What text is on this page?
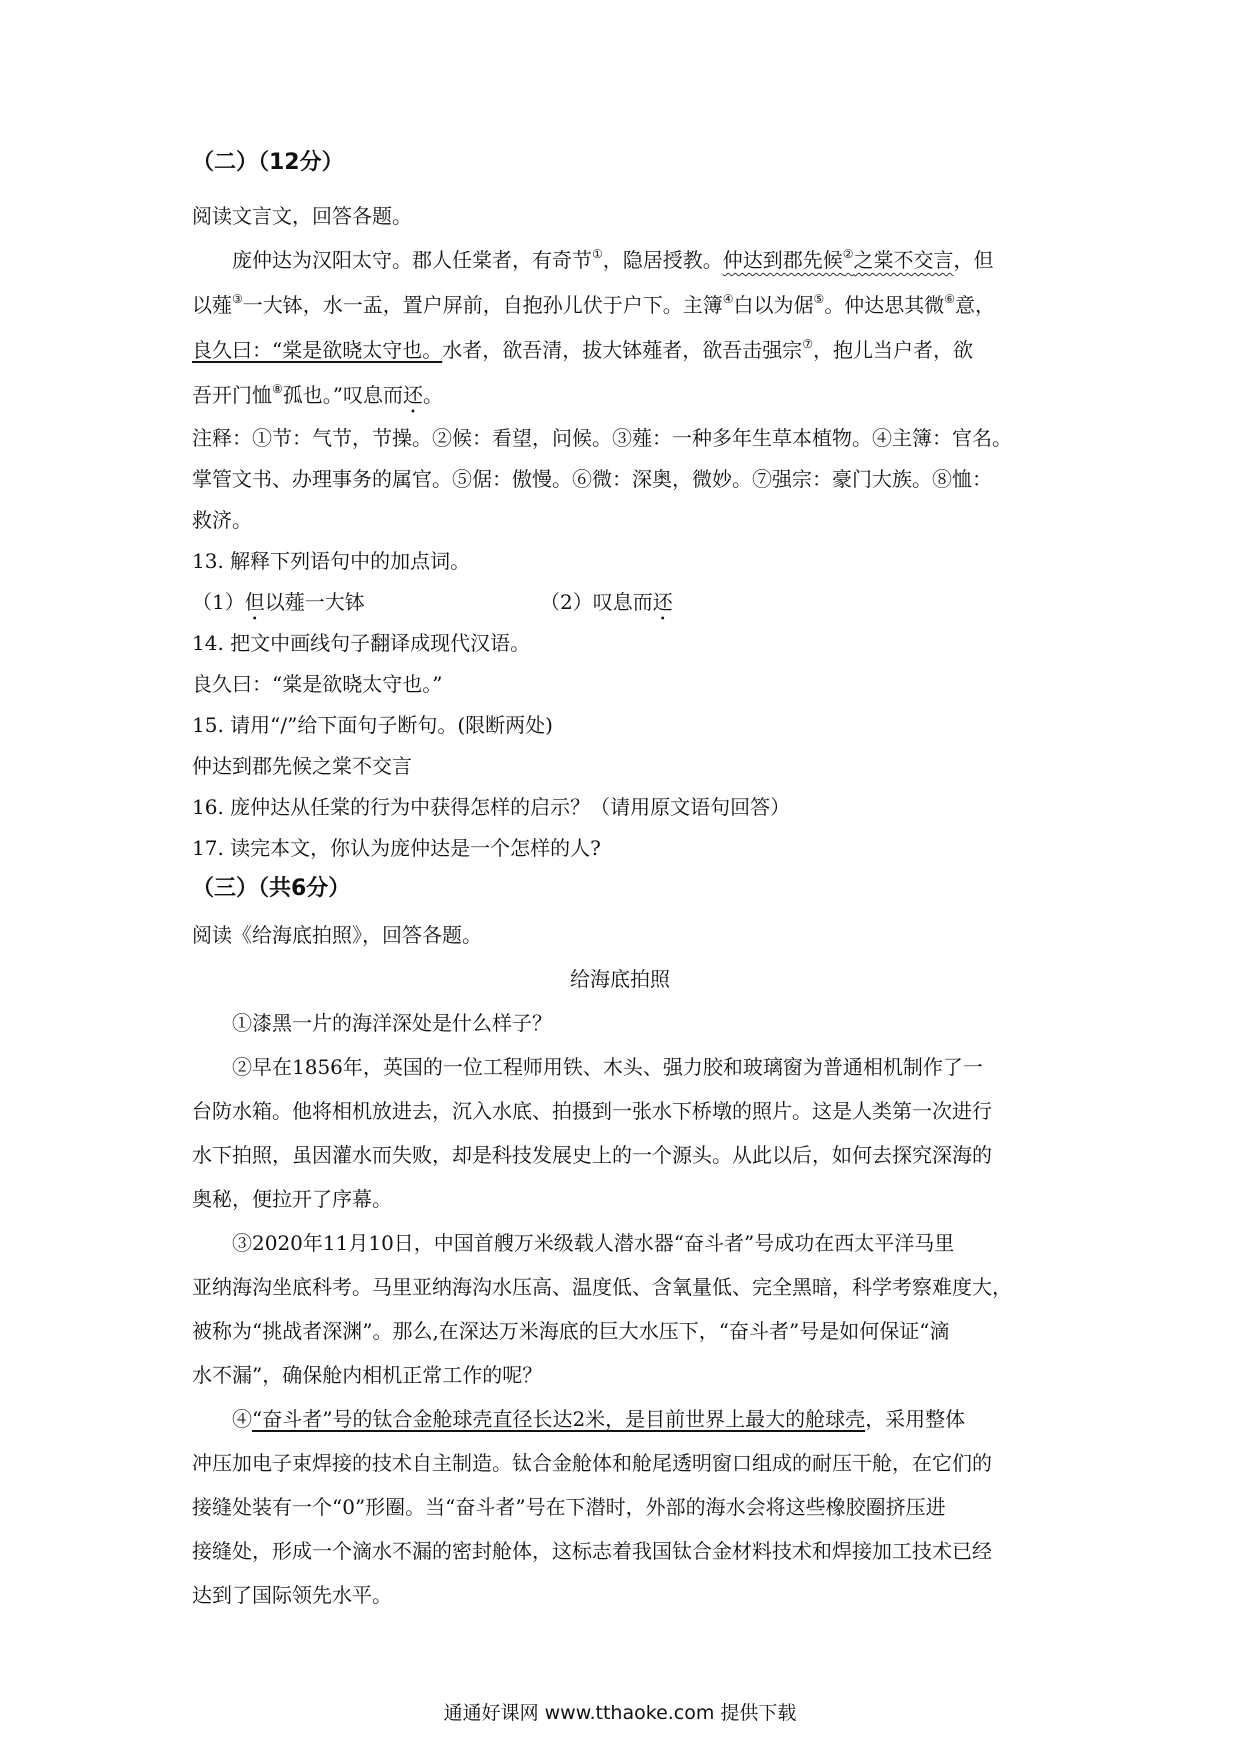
（二）（12分）
阅读文言文，回答各题。
庞仲达为汉阳太守。郡人任棠者，有奇节①，隐居授教。仲达到郡先候②之棠不交言，但
以薤③一大钵，水一盂，置户屏前，自抱孙儿伏于户下。主簿④白以为倨⑤。仲达思其微⑥意，
良久曰：“棠是欲晓太守也。水者，欲吾清，拔大钵薤者，欲吾击强宗⑦，抱儿当户者，欲
吾开门恤⑧孤也。”叹息而还。
注释：①节：气节，节操。②候：看望，问候。③薤：一种多年生草本植物。④主簿：官名。
掌管文书、办理事务的属官。⑤倨：傲慢。⑥微：深奥，微妙。⑦强宗：豪门大族。⑧恤：
救济。
13. 解释下列语句中的加点词。
（1）但以薤一大钵	（2）叹息而还
14. 把文中画线句子翻译成现代汉语。
良久曰：“棠是欲晓太守也。”
15. 请用“/”给下面句子断句。(限断两处)
仲达到郡先候之棠不交言
16. 庞仲达从任棠的行为中获得怎样的启示？（请用原文语句回答）
17. 读完本文，你认为庞仲达是一个怎样的人?
（三）（共6分）
阅读《给海底拍照》，回答各题。
给海底拍照
①漆黑一片的海洋深处是什么样子？
②早在1856年，英国的一位工程师用铁、木头、强力胶和玻璃窗为普通相机制作了一
台防水箱。他将相机放进去，沉入水底、拍摄到一张水下桥墩的照片。这是人类第一次进行
水下拍照，虽因灌水而失败，却是科技发展史上的一个源头。从此以后，如何去探究深海的
奥秘，便拉开了序幕。
③2020年11月10日，中国首艘万米级载人潜水器“奋斗者”号成功在西太平洋马里
亚纳海沟坐底科考。马里亚纳海沟水压高、温度低、含氧量低、完全黑暗，科学考察难度大，
被称为“挑战者深渊”。那么,在深达万米海底的巨大水压下，“奋斗者”号是如何保证“滴
水不漏”，确保舱内相机正常工作的呢？
④“奋斗者”号的钛合金舱球壳直径长达2米，是目前世界上最大的舱球壳，采用整体
冲压加电子束焊接的技术自主制造。钛合金舱体和舱尾透明窗口组成的耐压干舱，在它们的
接缝处装有一个“0”形圈。当“奋斗者”号在下潜时，外部的海水会将这些橡胶圈挤压进
接缝处，形成一个滴水不漏的密封舱体，这标志着我国钛合金材料技术和焊接加工技术已经
达到了国际领先水平。
通通好课网 www.tthaoke.com 提供下载
